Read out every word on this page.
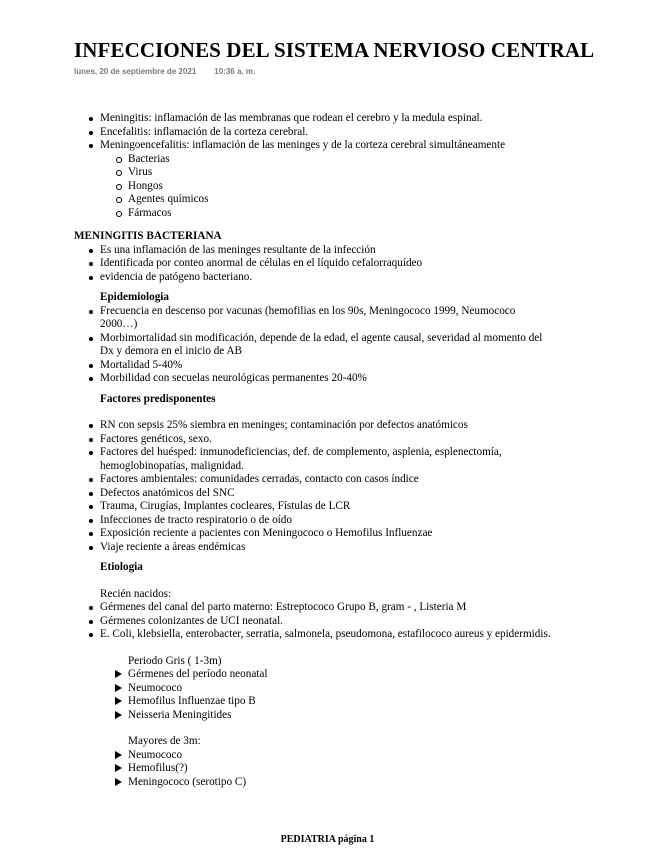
INFECCIONES DEL SISTEMA NERVIOSO CENTRAL
lunes, 20 de septiembre de 2021 10:36 a. m.
Meningitis: inflamación de las membranas que rodean el cerebro y la medula espinal.
Encefalitis: inflamación de la corteza cerebral.
Meningoencefalitis: inflamación de las meninges y de la corteza cerebral simultáneamente
Bacterias
Virus
Hongos
Agentes químicos
Fármacos
MENINGITIS BACTERIANA
Es una inflamación de las meninges resultante de la infección
Identificada por conteo anormal de células en el líquido cefalorraquídeo
evidencia de patógeno bacteriano.
Epidemiologia
Frecuencia en descenso por vacunas (hemofilias en los 90s, Meningococo 1999, Neumococo 2000…)
Morbimortalidad sin modificación, depende de la edad, el agente causal, severidad al momento del Dx y demora en el inicio de AB
Mortalidad 5-40%
Morbilidad con secuelas neurológicas permanentes 20-40%
Factores predisponentes
RN con sepsis 25% siembra en meninges; contaminación por defectos anatómicos
Factores genéticos, sexo.
Factores del huésped: inmunodeficiencias, def. de complemento, asplenia, esplenectomía, hemoglobinopatías, malignidad.
Factores ambientales: comunidades cerradas, contacto con casos índice
Defectos anatómicos del SNC
Trauma, Cirugías, Implantes cocleares, Fístulas de LCR
Infecciones de tracto respiratorio o de oído
Exposición reciente a pacientes con Meningococo o Hemofilus Influenzae
Viaje reciente a áreas endémicas
Etiologia
Recién nacidos:
Gérmenes del canal del parto materno: Estreptococo Grupo B, gram - , Listeria M
Gérmenes colonizantes de UCI neonatal.
E. Coli, klebsiella, enterobacter, serratia, salmonela, pseudomona, estafilococo aureus y epidermidis.
Periodo Gris ( 1-3m)
Gérmenes del período neonatal
Neumococo
Hemofilus Influenzae tipo B
Neisseria Meningitides
Mayores de 3m:
Neumococo
Hemofilus(?)
Meningococo (serotipo C)
PEDIATRIA página 1
